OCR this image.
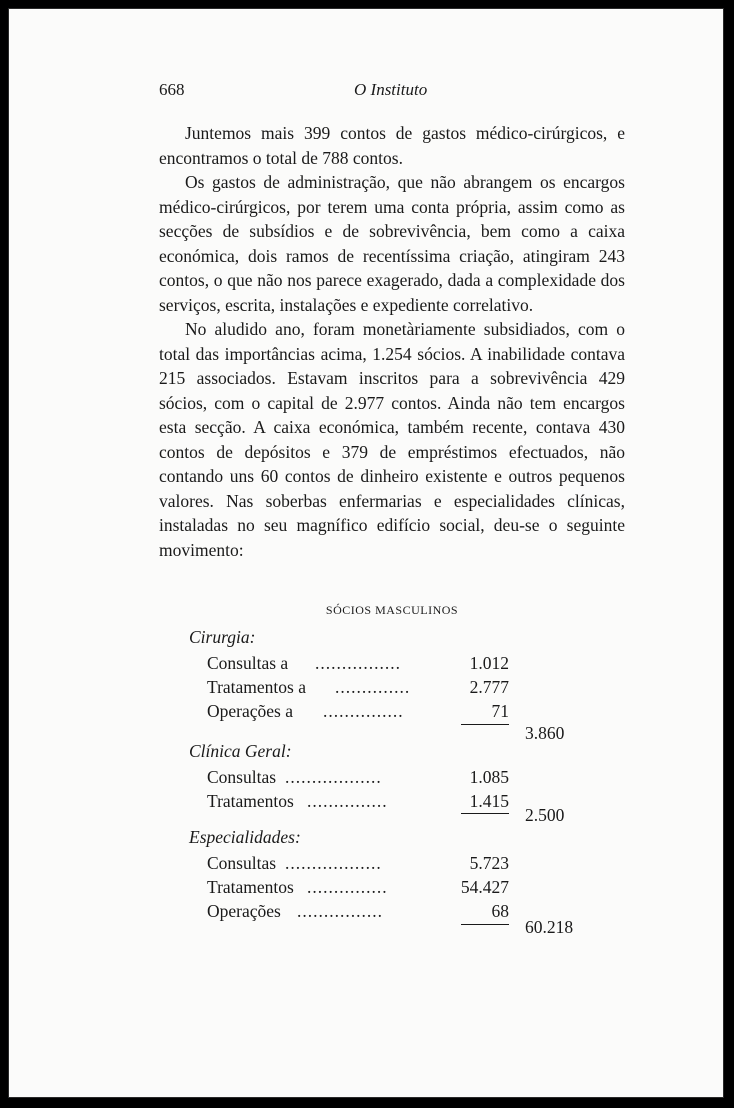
668	O Instituto

Juntemos mais 399 contos de gastos médico-cirúrgicos, e encontramos o total de 788 contos.

Os gastos de administração, que não abrangem os encargos médico-cirúrgicos, por terem uma conta própria, assim como as secções de subsídios e de sobrevivência, bem como a caixa económica, dois ramos de recentíssima criação, atingiram 243 contos, o que não nos parece exagerado, dada a complexidade dos serviços, escrita, instalações e expediente correlativo.

No aludido ano, foram monetàriamente subsidiados, com o total das importâncias acima, 1.254 sócios. A inabilidade contava 215 associados. Estavam inscritos para a sobrevivência 429 sócios, com o capital de 2.977 contos. Ainda não tem encargos esta secção. A caixa económica, também recente, contava 430 contos de depósitos e 379 de empréstimos efectuados, não contando uns 60 contos de dinheiro existente e outros pequenos valores. Nas soberbas enfermarias e especialidades clínicas, instaladas no seu magnífico edifício social, deu-se o seguinte movimento:

SÓCIOS MASCULINOS
Cirurgia:
Consultas a ................	1.012
Tratamentos a ..............	2.777
Operações a ...............	71
3.860
Clínica Geral:
Consultas ..................	1.085
Tratamentos ...............	1.415
2.500
Especialidades:
Consultas ..................	5.723
Tratamentos ...............	54.427
Operações ................	68
60.218
